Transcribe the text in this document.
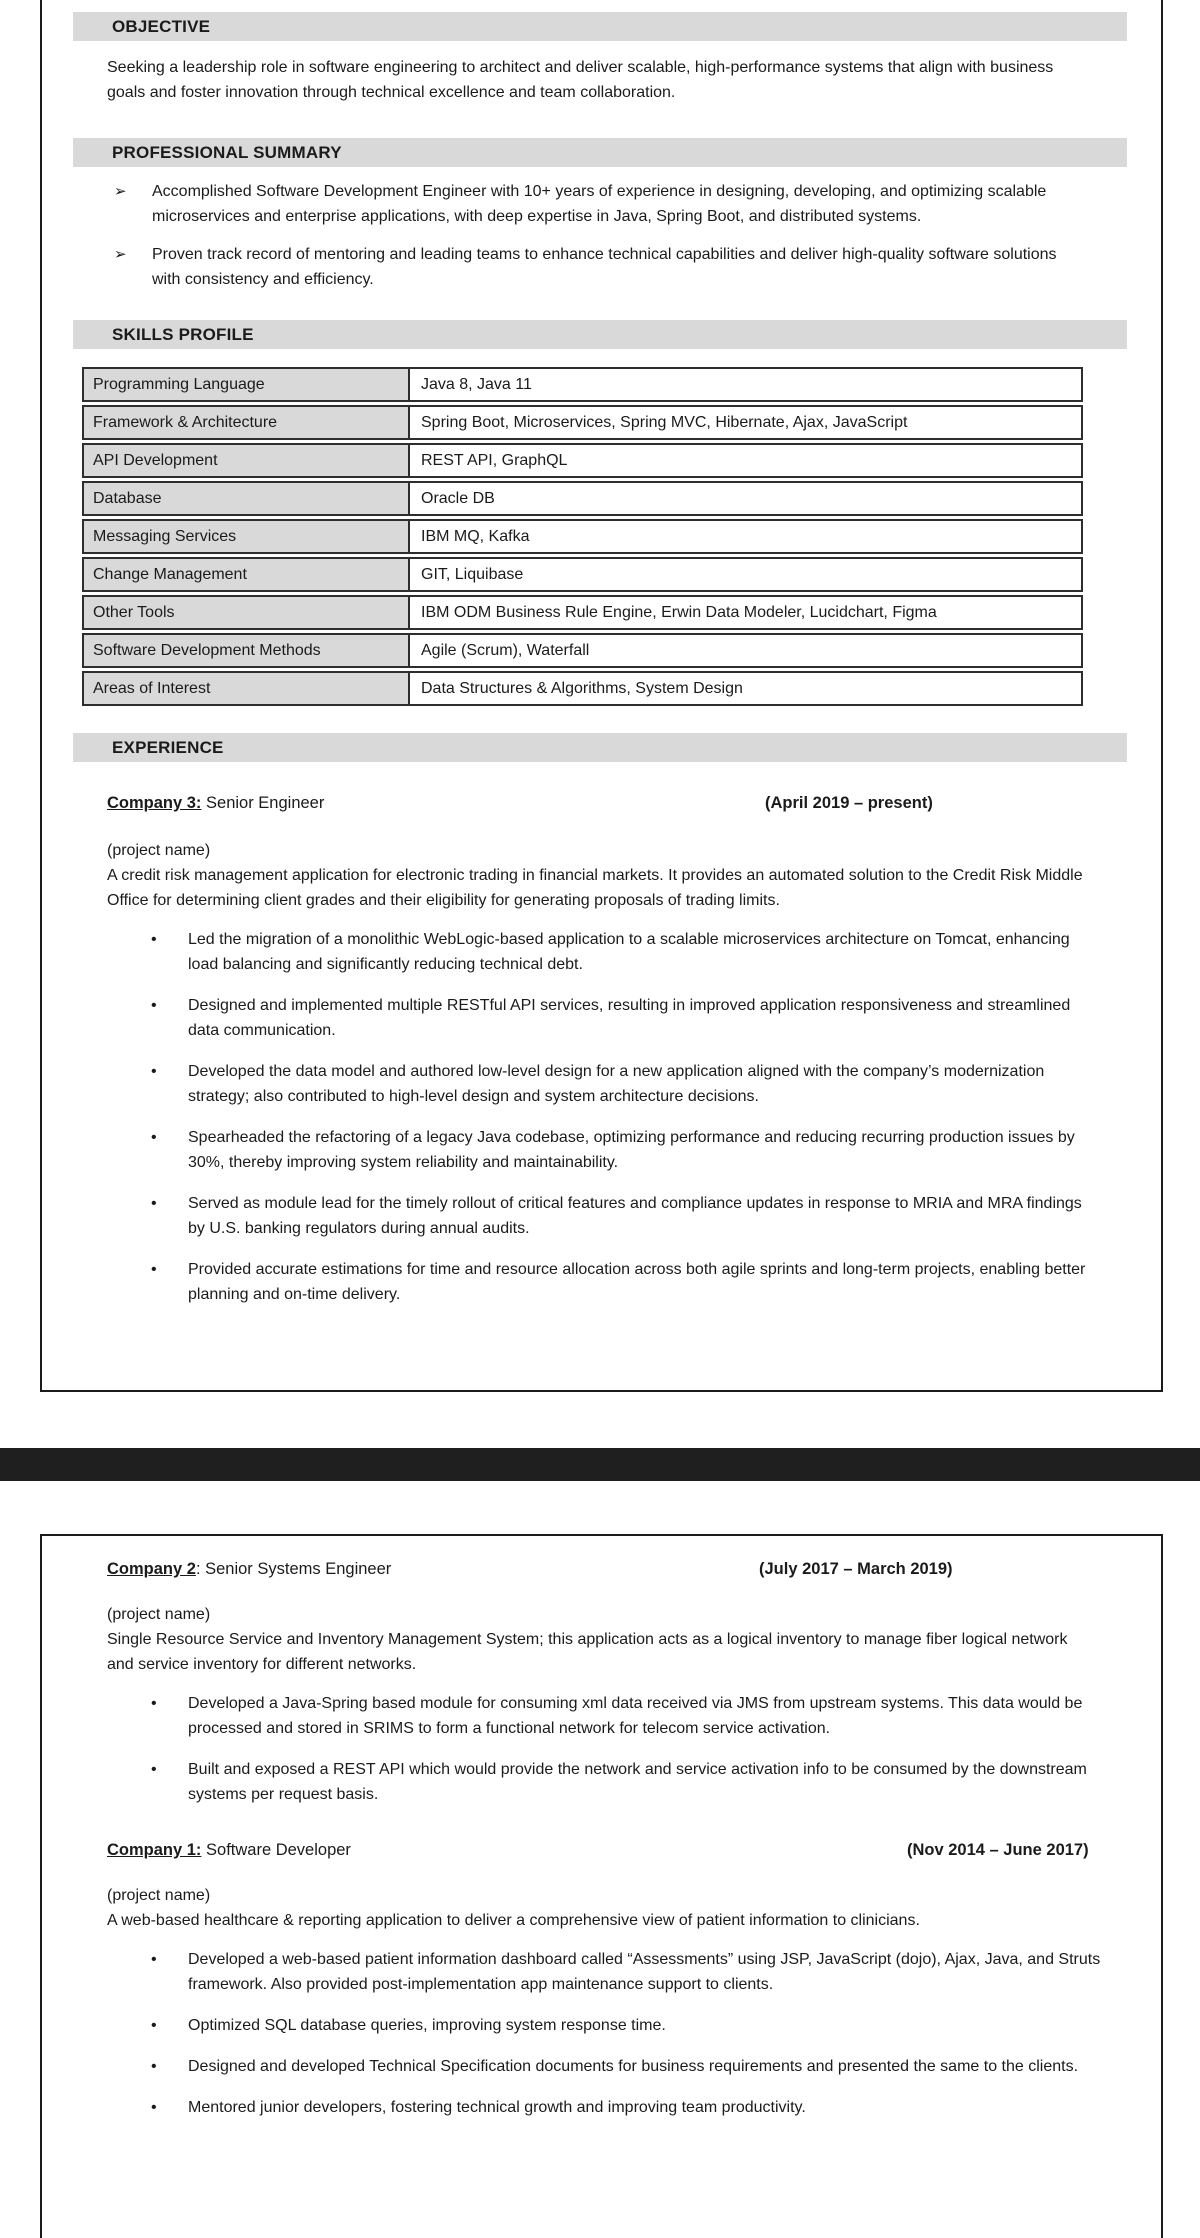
OBJECTIVE

Seeking a leadership role in software engineering to architect and deliver scalable, high-performance systems that align with business goals and foster innovation through technical excellence and team collaboration.

PROFESSIONAL SUMMARY
➢	Accomplished Software Development Engineer with 10+ years of experience in designing, developing, and optimizing scalable microservices and enterprise applications, with deep expertise in Java, Spring Boot, and distributed systems.
➢	Proven track record of mentoring and leading teams to enhance technical capabilities and deliver high-quality software solutions with consistency and efficiency.
SKILLS PROFILE
Programming Language	Java 8, Java 11
Framework & Architecture	Spring Boot, Microservices, Spring MVC, Hibernate, Ajax, JavaScript
API Development	REST API, GraphQL
Database	Oracle DB
Messaging Services	IBM MQ, Kafka
Change Management	GIT, Liquibase
Other Tools	IBM ODM Business Rule Engine, Erwin Data Modeler, Lucidchart, Figma
Software Development Methods	Agile (Scrum), Waterfall
Areas of Interest	Data Structures & Algorithms, System Design
EXPERIENCE
Company 3: Senior Engineer	(April 2019 – present)
(project name)
A credit risk management application for electronic trading in financial markets. It provides an automated solution to the Credit Risk Middle Office for determining client grades and their eligibility for generating proposals of trading limits.
•	Led the migration of a monolithic WebLogic-based application to a scalable microservices architecture on Tomcat, enhancing load balancing and significantly reducing technical debt.
•	Designed and implemented multiple RESTful API services, resulting in improved application responsiveness and streamlined data communication.
•	Developed the data model and authored low-level design for a new application aligned with the company’s modernization strategy; also contributed to high-level design and system architecture decisions.
•	Spearheaded the refactoring of a legacy Java codebase, optimizing performance and reducing recurring production issues by 30%, thereby improving system reliability and maintainability.
•	Served as module lead for the timely rollout of critical features and compliance updates in response to MRIA and MRA findings by U.S. banking regulators during annual audits.
•	Provided accurate estimations for time and resource allocation across both agile sprints and long-term projects, enabling better planning and on-time delivery.
Company 2: Senior Systems Engineer	(July 2017 – March 2019)
(project name)
Single Resource Service and Inventory Management System; this application acts as a logical inventory to manage fiber logical network and service inventory for different networks.
•	Developed a Java-Spring based module for consuming xml data received via JMS from upstream systems. This data would be processed and stored in SRIMS to form a functional network for telecom service activation.
•	Built and exposed a REST API which would provide the network and service activation info to be consumed by the downstream systems per request basis.
Company 1: Software Developer	(Nov 2014 – June 2017)
(project name)
A web-based healthcare & reporting application to deliver a comprehensive view of patient information to clinicians.
•	Developed a web-based patient information dashboard called “Assessments” using JSP, JavaScript (dojo), Ajax, Java, and Struts framework. Also provided post-implementation app maintenance support to clients.
•	Optimized SQL database queries, improving system response time.
•	Designed and developed Technical Specification documents for business requirements and presented the same to the clients.
•	Mentored junior developers, fostering technical growth and improving team productivity.
